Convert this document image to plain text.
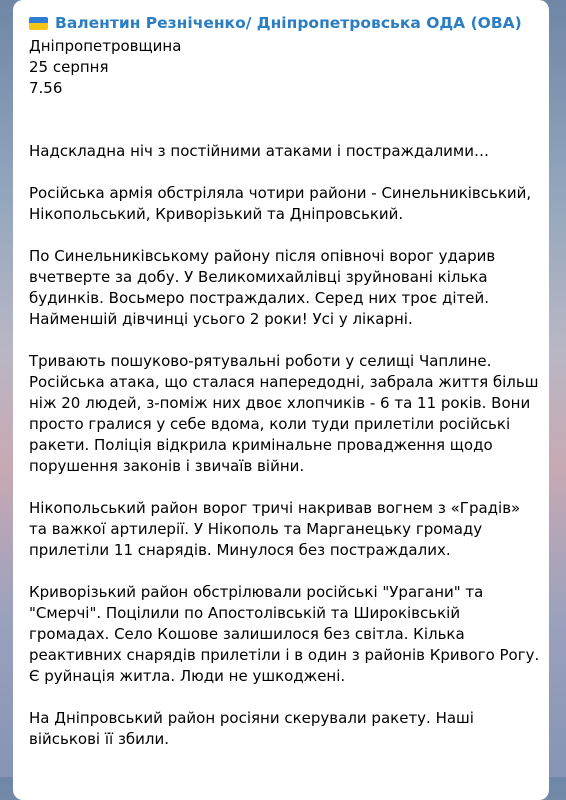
Валентин Резніченко/ Дніпропетровська ОДА (ОВА)
Дніпропетровщина
25 серпня
7.56
Надскладна ніч з постійними атаками і постраждалими…
Російська армія обстріляла чотири райони - Синельниківський,
Нікопольський, Криворізький та Дніпровський.
По Синельниківському району після опівночі ворог ударив
вчетверте за добу. У Великомихайлівці зруйновані кілька
будинків. Восьмеро постраждалих. Серед них троє дітей.
Найменшій дівчинці усього 2 роки! Усі у лікарні.
Тривають пошуково-рятувальні роботи у селищі Чаплине.
Російська атака, що сталася напередодні, забрала життя більш
ніж 20 людей, з-поміж них двоє хлопчиків - 6 та 11 років. Вони
просто гралися у себе вдома, коли туди прилетіли російські
ракети. Поліція відкрила кримінальне провадження щодо
порушення законів і звичаїв війни.
Нікопольський район ворог тричі накривав вогнем з «Градів»
та важкої артилерії. У Нікополь та Марганецьку громаду
прилетіли 11 снарядів. Минулося без постраждалих.
Криворізький район обстрілювали російські "Урагани" та
"Смерчі". Поцілили по Апостолівській та Широківській
громадах. Село Кошове залишилося без світла. Кілька
реактивних снарядів прилетіли і в один з районів Кривого Рогу.
Є руйнація житла. Люди не ушкоджені.
На Дніпровський район росіяни скерували ракету. Наші
військові її збили.
